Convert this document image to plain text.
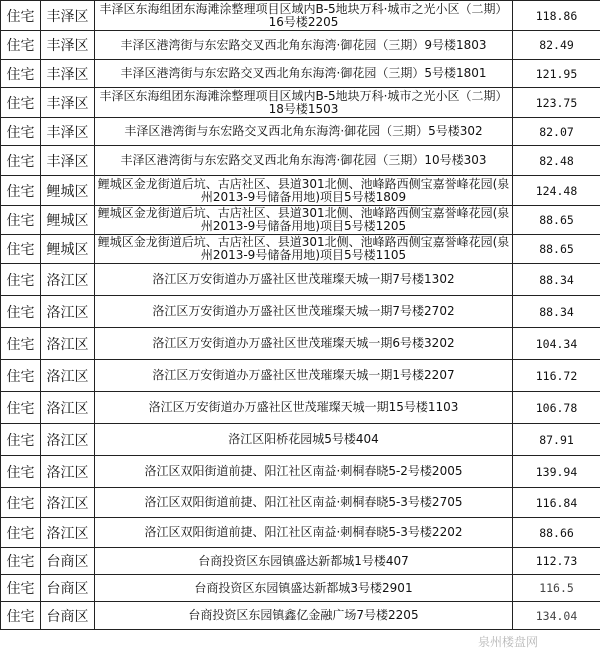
住宅	丰泽区	丰泽区东海组团东海滩涂整理项目区域内B-5地块万科·城市之光小区（二期）16号楼2205	118.86
住宅	丰泽区	丰泽区港湾街与东宏路交叉西北角东海湾·御花园（三期）9号楼1803	82.49
住宅	丰泽区	丰泽区港湾街与东宏路交叉西北角东海湾·御花园（三期）5号楼1801	121.95
住宅	丰泽区	丰泽区东海组团东海滩涂整理项目区域内B-5地块万科·城市之光小区（二期）18号楼1503	123.75
住宅	丰泽区	丰泽区港湾街与东宏路交叉西北角东海湾·御花园（三期）5号楼302	82.07
住宅	丰泽区	丰泽区港湾街与东宏路交叉西北角东海湾·御花园（三期）10号楼303	82.48
住宅	鲤城区	鲤城区金龙街道后坑、古店社区、县道301北侧、池峰路西侧宝嘉誉峰花园(泉州2013-9号储备用地)项目5号楼1809	124.48
住宅	鲤城区	鲤城区金龙街道后坑、古店社区、县道301北侧、池峰路西侧宝嘉誉峰花园(泉州2013-9号储备用地)项目5号楼1205	88.65
住宅	鲤城区	鲤城区金龙街道后坑、古店社区、县道301北侧、池峰路西侧宝嘉誉峰花园(泉州2013-9号储备用地)项目5号楼1105	88.65
住宅	洛江区	洛江区万安街道办万盛社区世茂璀璨天城一期7号楼1302	88.34
住宅	洛江区	洛江区万安街道办万盛社区世茂璀璨天城一期7号楼2702	88.34
住宅	洛江区	洛江区万安街道办万盛社区世茂璀璨天城一期6号楼3202	104.34
住宅	洛江区	洛江区万安街道办万盛社区世茂璀璨天城一期1号楼2207	116.72
住宅	洛江区	洛江区万安街道办万盛社区世茂璀璨天城一期15号楼1103	106.78
住宅	洛江区	洛江区阳桥花园城5号楼404	87.91
住宅	洛江区	洛江区双阳街道前捷、阳江社区南益·刺桐春晓5-2号楼2005	139.94
住宅	洛江区	洛江区双阳街道前捷、阳江社区南益·刺桐春晓5-3号楼2705	116.84
住宅	洛江区	洛江区双阳街道前捷、阳江社区南益·刺桐春晓5-3号楼2202	88.66
住宅	台商区	台商投资区东园镇盛达新都城1号楼407	112.73
住宅	台商区	台商投资区东园镇盛达新都城3号楼2901	116.5
住宅	台商区	台商投资区东园镇鑫亿金融广场7号楼2205	134.04
泉州楼盘网
